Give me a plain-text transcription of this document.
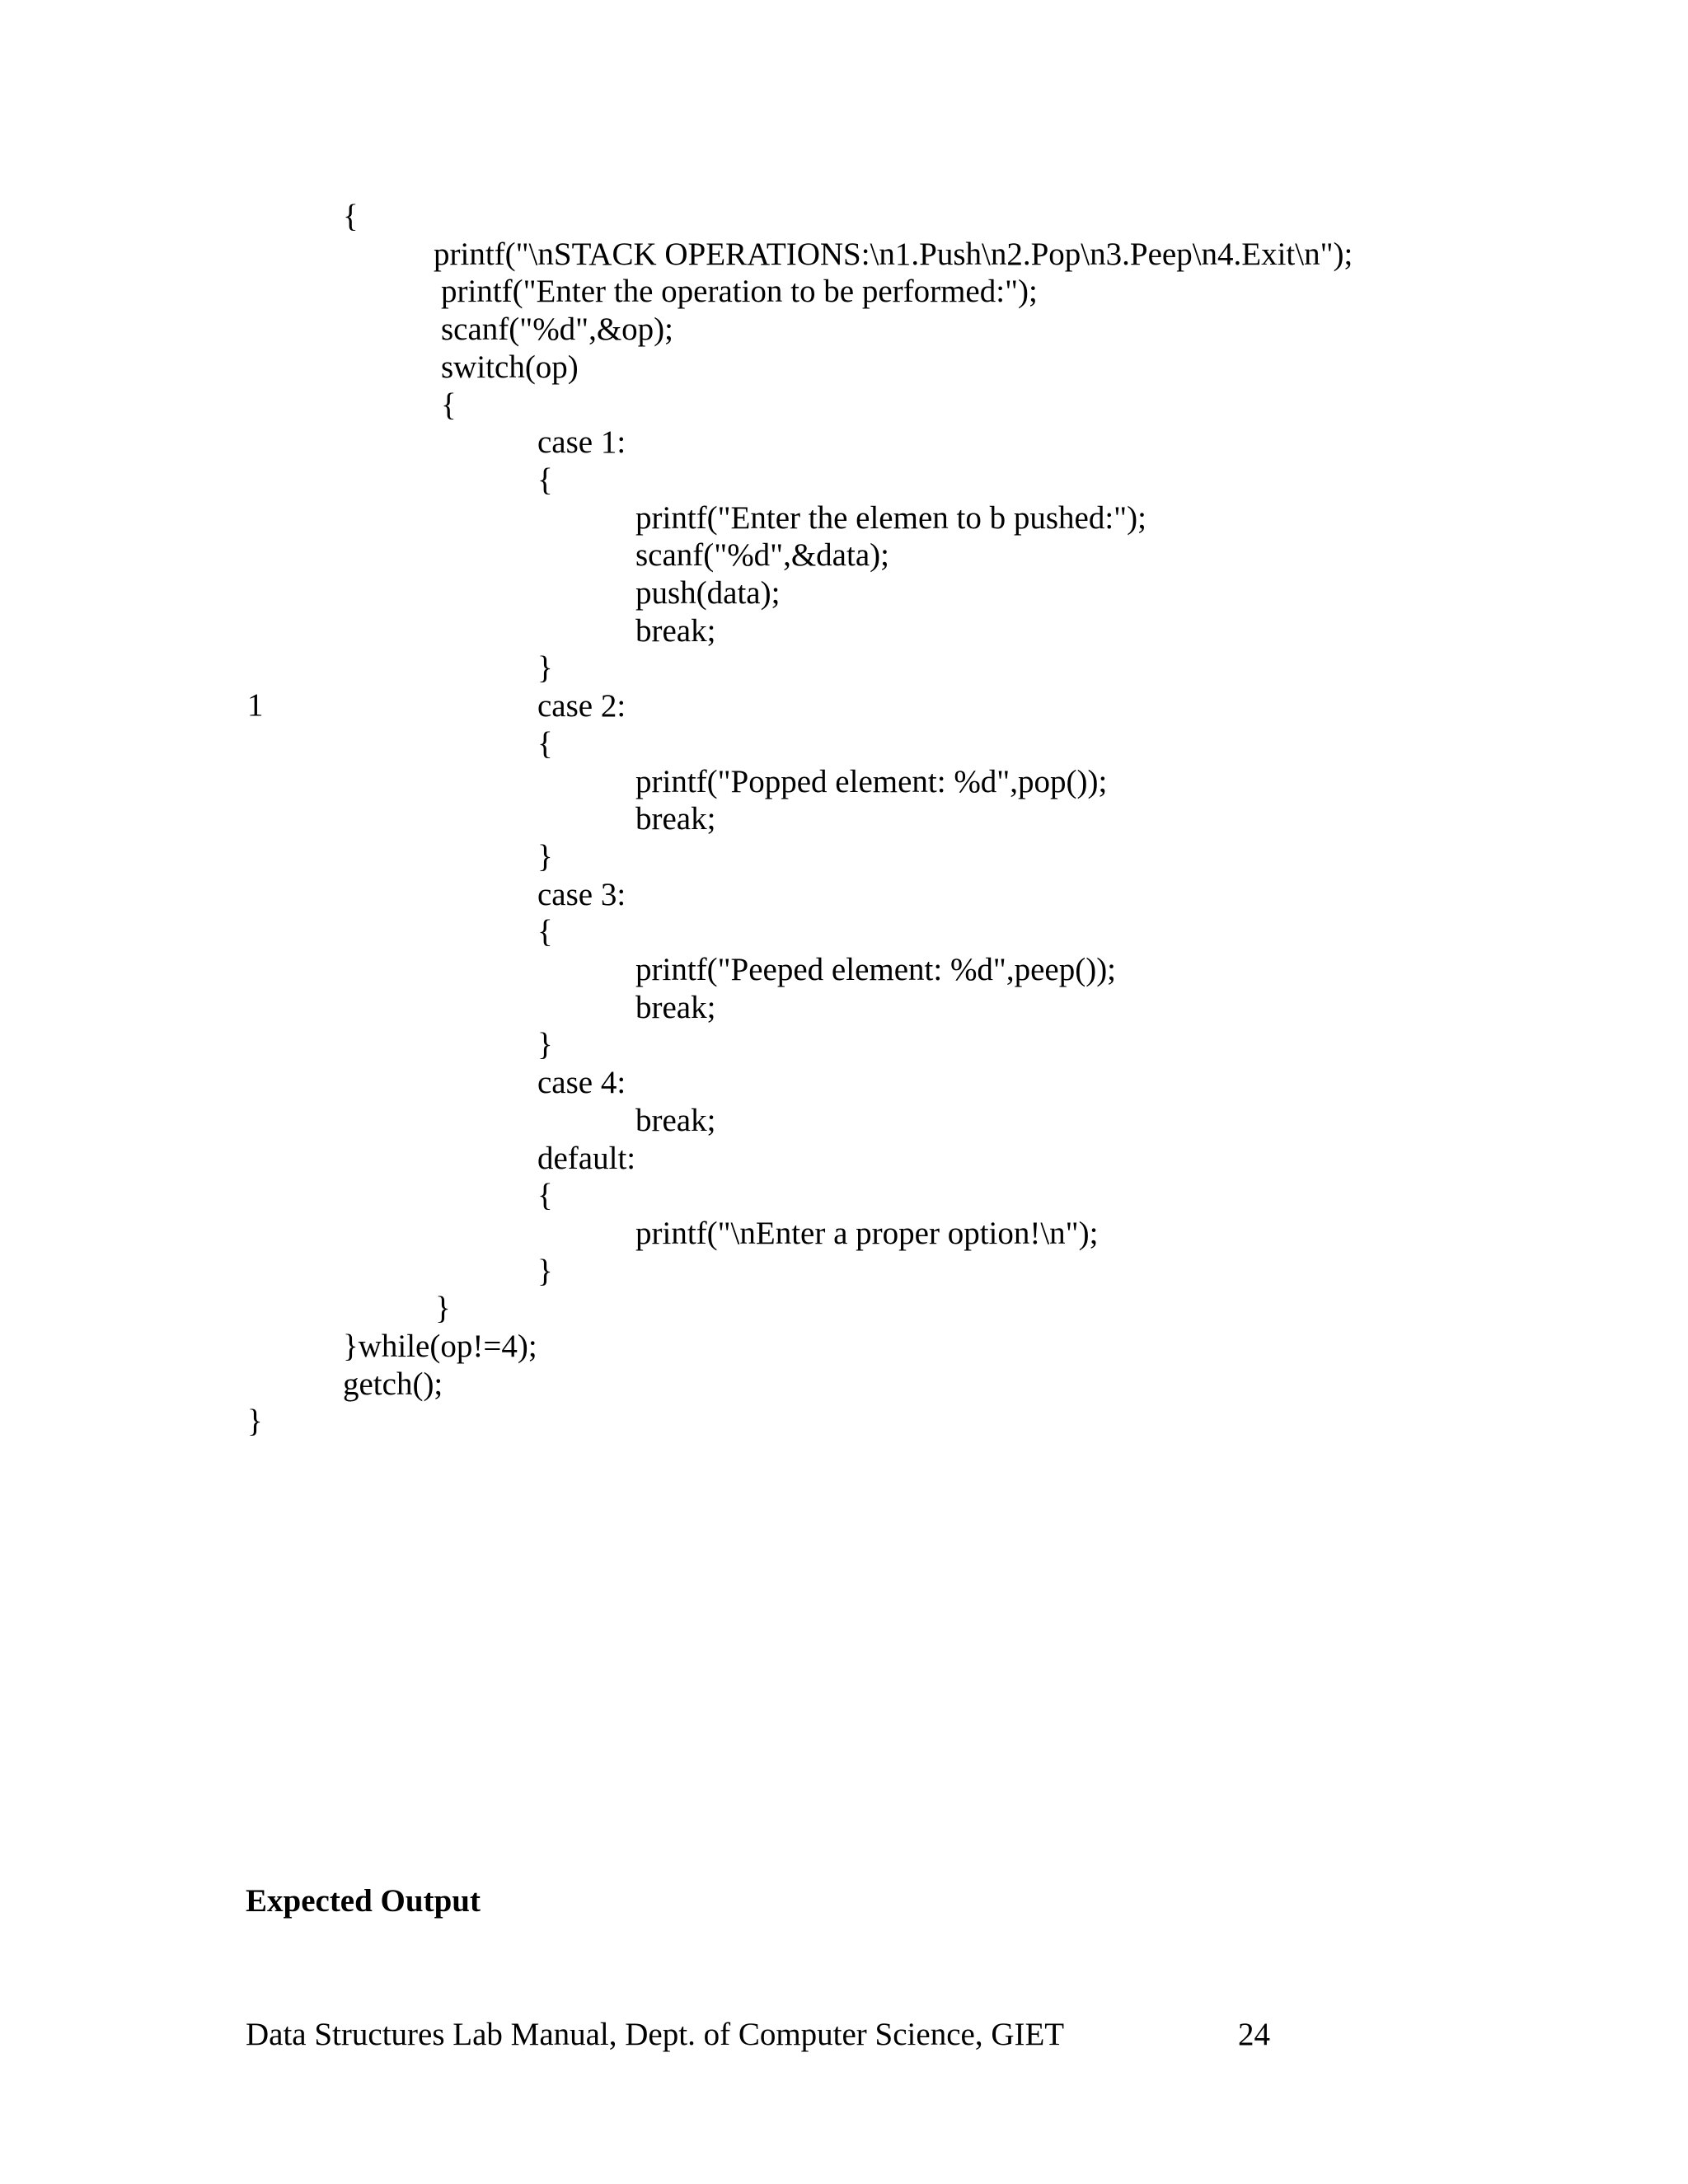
{
printf("\nSTACK OPERATIONS:\n1.Push\n2.Pop\n3.Peep\n4.Exit\n");
printf("Enter the operation to be performed:");
scanf("%d",&op);
switch(op)
{
case 1:
{
printf("Enter the elemen to b pushed:");
scanf("%d",&data);
push(data);
break;
}
case 2:
{
printf("Popped element: %d",pop());
break;
}
case 3:
{
printf("Peeped element: %d",peep());
break;
}
case 4:
break;
default:
{
printf("\nEnter a proper option!\n");
}
}
}while(op!=4);
getch();
}
1
Expected Output
Data Structures Lab Manual, Dept. of Computer Science, GIET	24
